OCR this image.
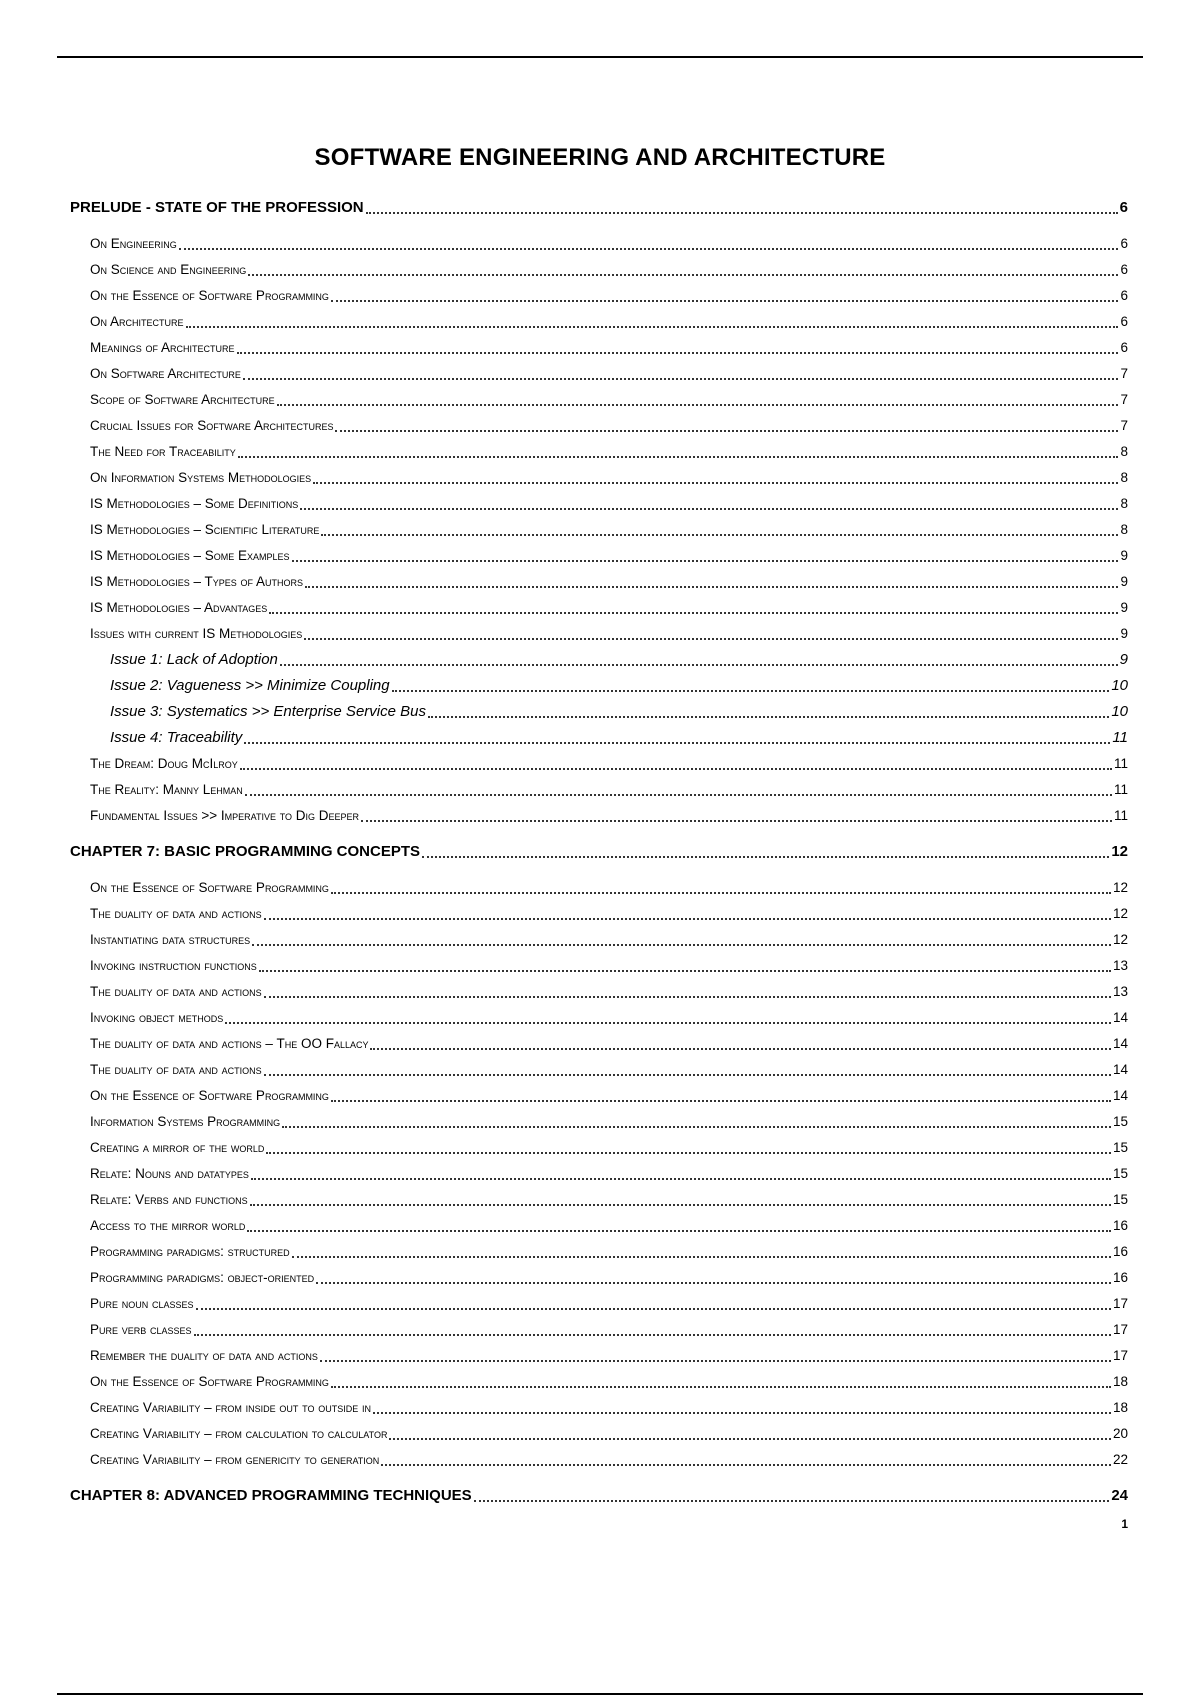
SOFTWARE ENGINEERING AND ARCHITECTURE
PRELUDE - STATE OF THE PROFESSION	6
On Engineering	6
On Science and Engineering	6
On the Essence of Software Programming	6
On Architecture	6
Meanings of Architecture	6
On Software Architecture	7
Scope of Software Architecture	7
Crucial Issues for Software Architectures	7
The Need for Traceability	8
On Information Systems Methodologies	8
IS Methodologies – Some Definitions	8
IS Methodologies – Scientific Literature	8
IS Methodologies – Some Examples	9
IS Methodologies – Types of Authors	9
IS Methodologies – Advantages	9
Issues with current IS Methodologies	9
Issue 1: Lack of Adoption	9
Issue 2: Vagueness >> Minimize Coupling	10
Issue 3: Systematics >> Enterprise Service Bus	10
Issue 4: Traceability	11
The Dream: Doug McIlroy	11
The Reality: Manny Lehman	11
Fundamental Issues >> Imperative to Dig Deeper	11
CHAPTER 7: BASIC PROGRAMMING CONCEPTS	12
On the Essence of Software Programming	12
The duality of data and actions	12
Instantiating data structures	12
Invoking instruction functions	13
The duality of data and actions	13
Invoking object methods	14
The duality of data and actions – The OO Fallacy	14
The duality of data and actions	14
On the Essence of Software Programming	14
Information Systems Programming	15
Creating a mirror of the world	15
Relate: Nouns and datatypes	15
Relate: Verbs and functions	15
Access to the mirror world	16
Programming paradigms: structured	16
Programming paradigms: object-oriented	16
Pure noun classes	17
Pure verb classes	17
Remember the duality of data and actions	17
On the Essence of Software Programming	18
Creating Variability – from inside out to outside in	18
Creating Variability – from calculation to calculator	20
Creating Variability – from genericity to generation	22
CHAPTER 8: ADVANCED PROGRAMMING TECHNIQUES	24
1
